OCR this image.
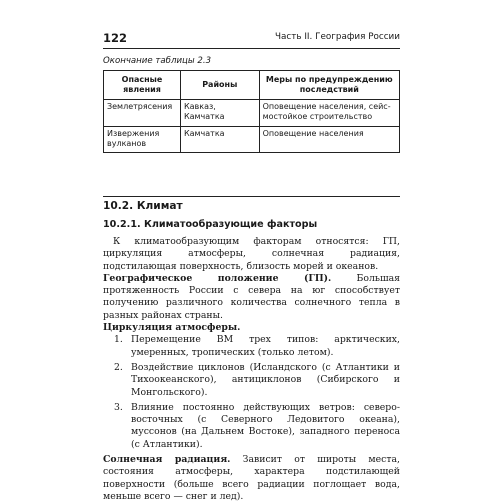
122	Часть II. География России
Окончание таблицы 2.3
Опасные явления	Районы	Меры по предупреждению последствий
Землетрясения	Кавказ, Камчатка	Оповещение населения, сейс-мостойкое строительство
Извержения вулканов	Камчатка	Оповещение населения
10.2. Климат
10.2.1. Климатообразующие факторы

К климатообразующим факторам относятся: ГП, циркуляция атмосферы, солнечная радиация, подстилающая поверхность, близость морей и океанов.

Географическое положение (ГП). Большая протяженность России с севера на юг способствует получению различного количества солнечного тепла в разных районах страны.

Циркуляция атмосферы.

1. Перемещение ВМ трех типов: арктических, умеренных, тропических (только летом).
2. Воздействие циклонов (Исландского (с Атлантики и Тихоокеанского), антициклонов (Сибирского и Монгольского).
3. Влияние постоянно действующих ветров: северо-восточных (с Северного Ледовитого океана), муссонов (на Дальнем Востоке), западного переноса (с Атлантики).

Солнечная радиация. Зависит от широты места, состояния атмосферы, характера подстилающей поверхности (больше всего радиации поглощает вода, меньше всего — снег и лед).
